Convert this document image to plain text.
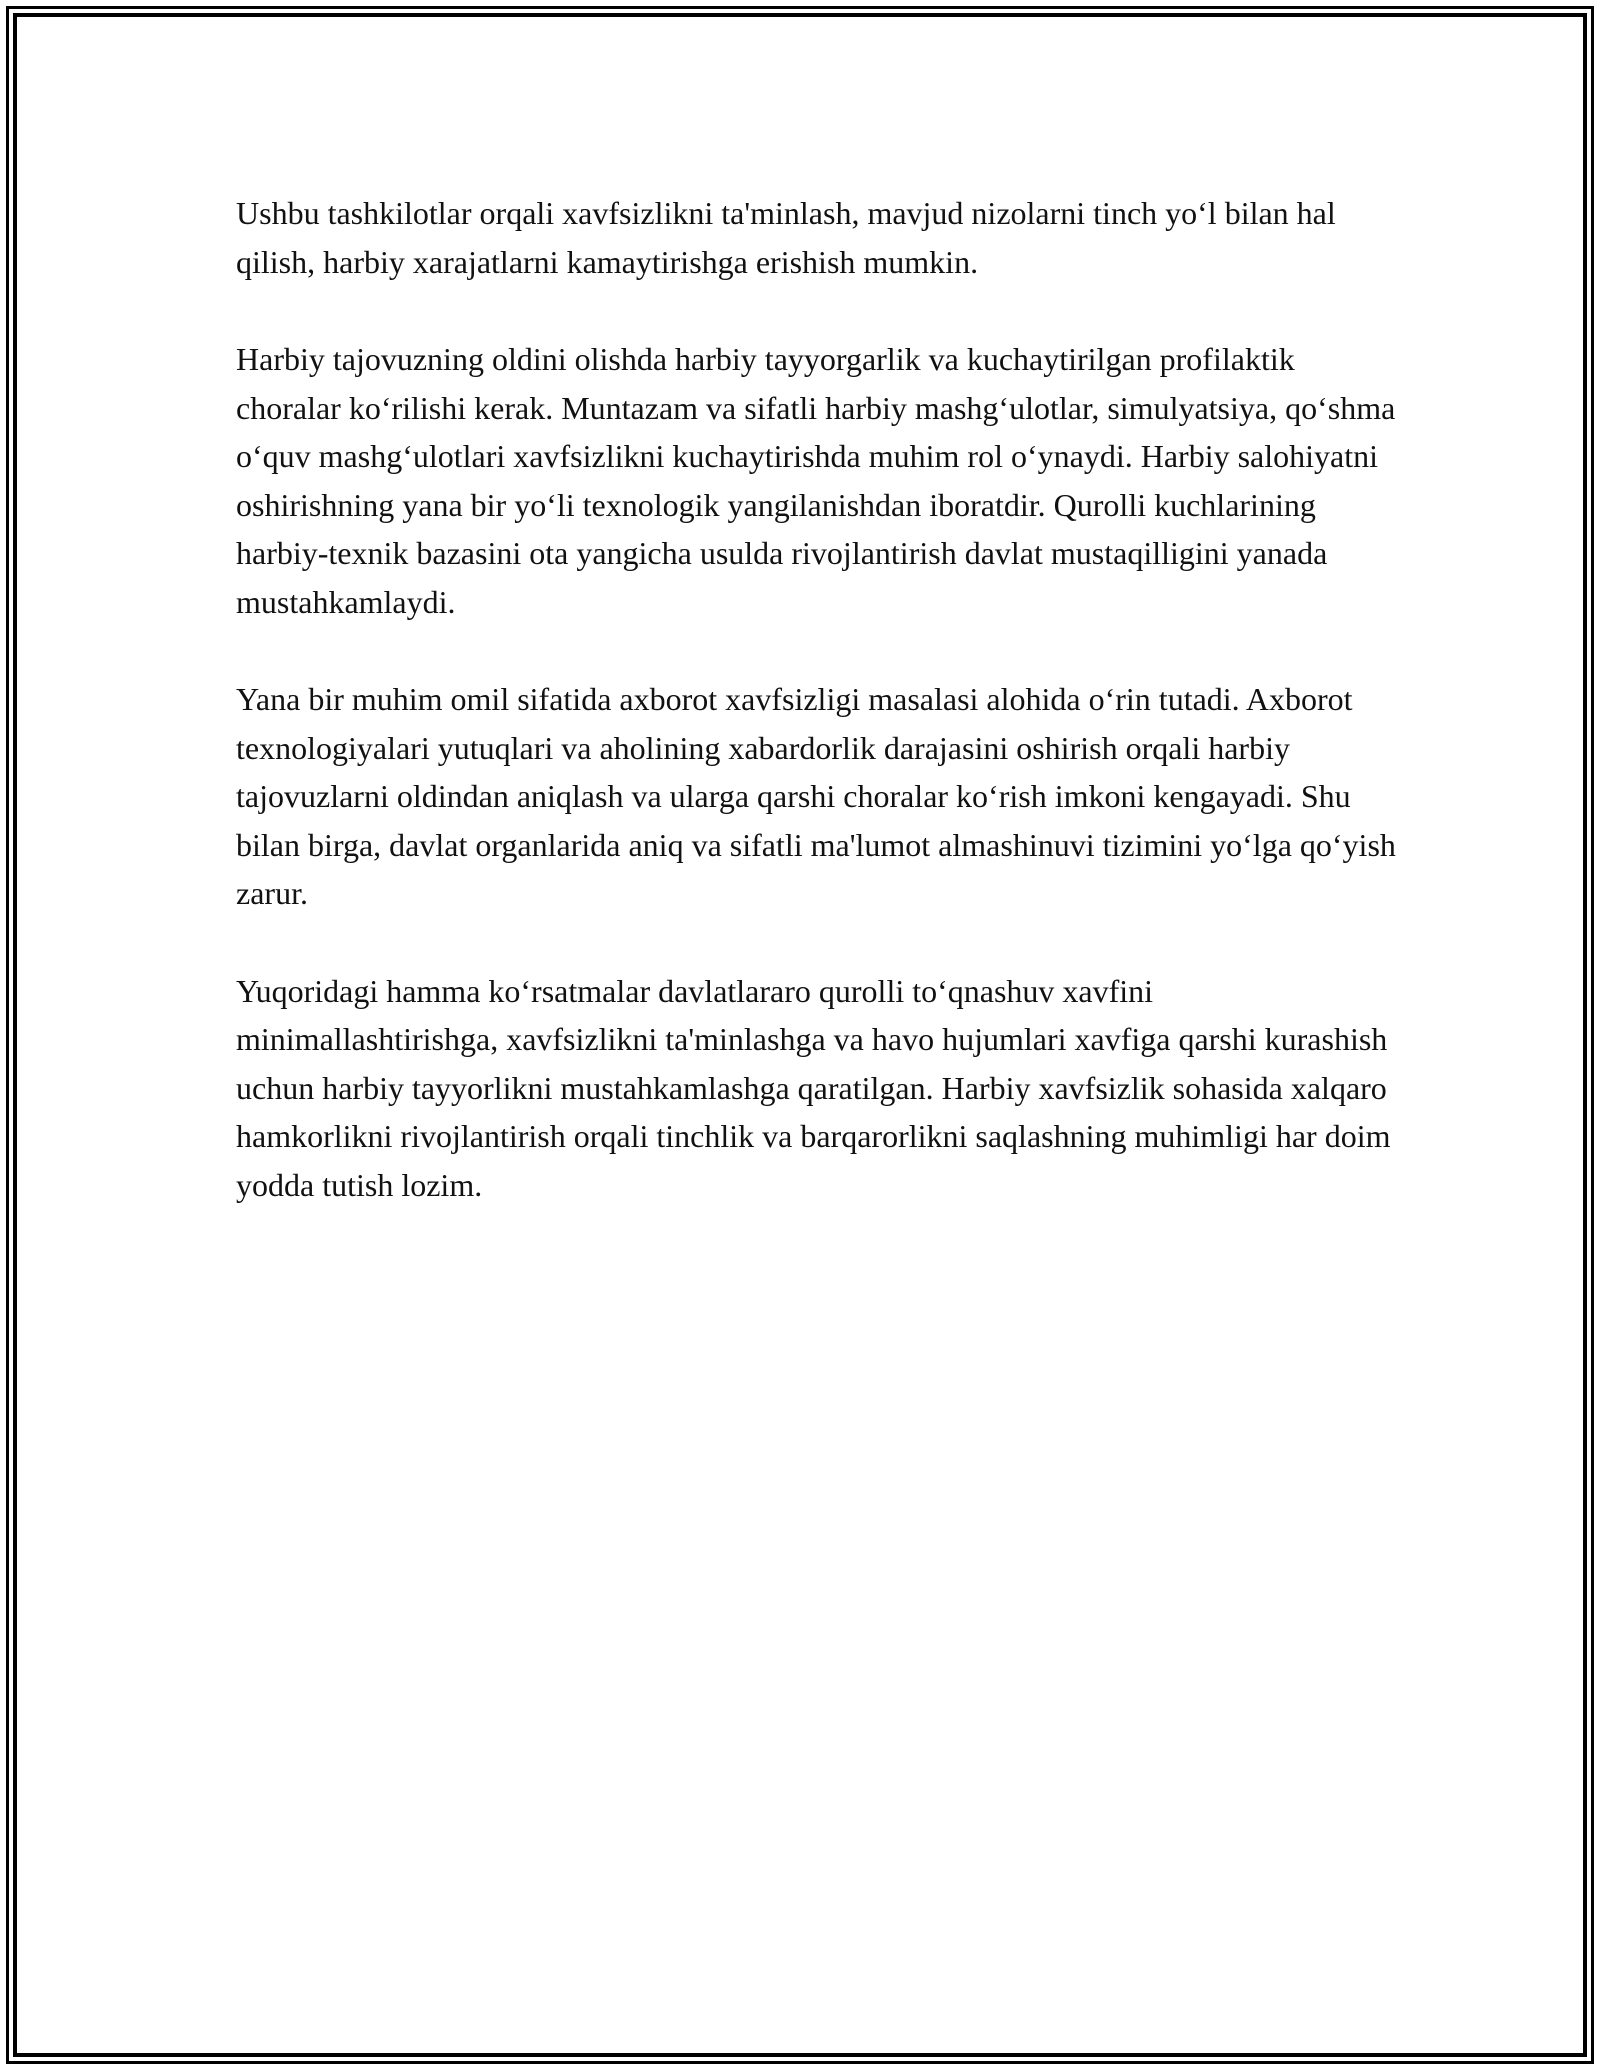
Ushbu tashkilotlar orqali xavfsizlikni ta'minlash, mavjud nizolarni tinch yo‘l bilan hal qilish, harbiy xarajatlarni kamaytirishga erishish mumkin.

Harbiy tajovuzning oldini olishda harbiy tayyorgarlik va kuchaytirilgan profilaktik choralar ko‘rilishi kerak. Muntazam va sifatli harbiy mashg‘ulotlar, simulyatsiya, qo‘shma o‘quv mashg‘ulotlari xavfsizlikni kuchaytirishda muhim rol o‘ynaydi. Harbiy salohiyatni oshirishning yana bir yo‘li texnologik yangilanishdan iboratdir. Qurolli kuchlarining harbiy-texnik bazasini ota yangicha usulda rivojlantirish davlat mustaqilligini yanada mustahkamlaydi.

Yana bir muhim omil sifatida axborot xavfsizligi masalasi alohida o‘rin tutadi. Axborot texnologiyalari yutuqlari va aholining xabardorlik darajasini oshirish orqali harbiy tajovuzlarni oldindan aniqlash va ularga qarshi choralar ko‘rish imkoni kengayadi. Shu bilan birga, davlat organlarida aniq va sifatli ma'lumot almashinuvi tizimini yo‘lga qo‘yish zarur.

Yuqoridagi hamma ko‘rsatmalar davlatlararo qurolli to‘qnashuv xavfini minimallashtirishga, xavfsizlikni ta'minlashga va havo hujumlari xavfiga qarshi kurashish uchun harbiy tayyorlikni mustahkamlashga qaratilgan. Harbiy xavfsizlik sohasida xalqaro hamkorlikni rivojlantirish orqali tinchlik va barqarorlikni saqlashning muhimligi har doim yodda tutish lozim.
